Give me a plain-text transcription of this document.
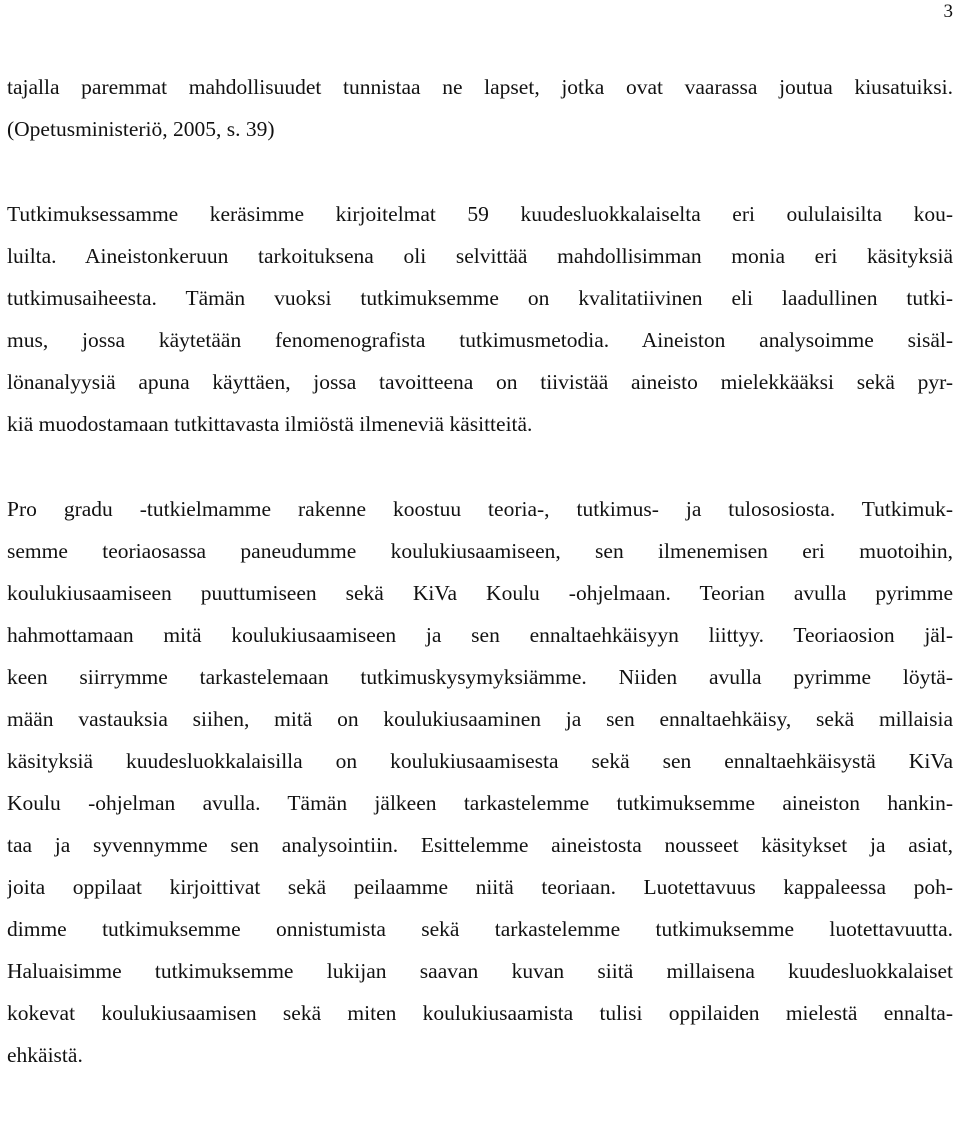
3
tajalla paremmat mahdollisuudet tunnistaa ne lapset, jotka ovat vaarassa joutua kiusatuiksi.
(Opetusministeriö, 2005, s. 39)
Tutkimuksessamme keräsimme kirjoitelmat 59 kuudesluokkalaiselta eri oululaisilta kou-
luilta. Aineistonkeruun tarkoituksena oli selvittää mahdollisimman monia eri käsityksiä
tutkimusaiheesta. Tämän vuoksi tutkimuksemme on kvalitatiivinen eli laadullinen tutki-
mus, jossa käytetään fenomenografista tutkimusmetodia. Aineiston analysoimme sisäl-
lönanalyysiä apuna käyttäen, jossa tavoitteena on tiivistää aineisto mielekkääksi sekä pyr-
kiä muodostamaan tutkittavasta ilmiöstä ilmeneviä käsitteitä.
Pro gradu -tutkielmamme rakenne koostuu teoria-, tutkimus- ja tulososiosta. Tutkimuk-
semme teoriaosassa paneudumme koulukiusaamiseen, sen ilmenemisen eri muotoihin,
koulukiusaamiseen puuttumiseen sekä KiVa Koulu -ohjelmaan. Teorian avulla pyrimme
hahmottamaan mitä koulukiusaamiseen ja sen ennaltaehkäisyyn liittyy. Teoriaosion jäl-
keen siirrymme tarkastelemaan tutkimuskysymyksiämme. Niiden avulla pyrimme löytä-
mään vastauksia siihen, mitä on koulukiusaaminen ja sen ennaltaehkäisy, sekä millaisia
käsityksiä kuudesluokkalaisilla on koulukiusaamisesta sekä sen ennaltaehkäisystä KiVa
Koulu -ohjelman avulla. Tämän jälkeen tarkastelemme tutkimuksemme aineiston hankin-
taa ja syvennymme sen analysointiin. Esittelemme aineistosta nousseet käsitykset ja asiat,
joita oppilaat kirjoittivat sekä peilaamme niitä teoriaan. Luotettavuus kappaleessa poh-
dimme tutkimuksemme onnistumista sekä tarkastelemme tutkimuksemme luotettavuutta.
Haluaisimme tutkimuksemme lukijan saavan kuvan siitä millaisena kuudesluokkalaiset
kokevat koulukiusaamisen sekä miten koulukiusaamista tulisi oppilaiden mielestä ennalta-
ehkäistä.
